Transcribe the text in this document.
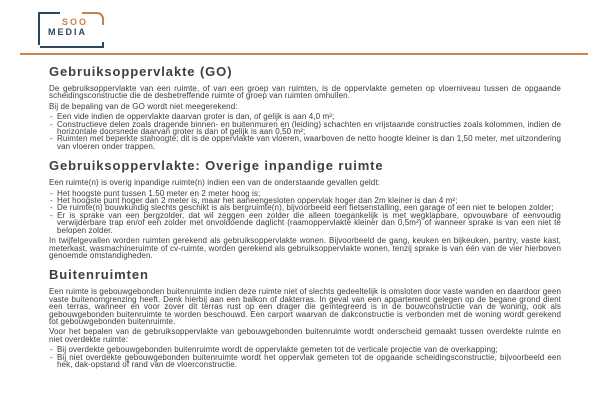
SOO
MEDIA
Gebruiksoppervlakte (GO)

De gebruiksoppervlakte van een ruimte, of van een groep van ruimten, is de oppervlakte gemeten op vloerniveau tussen de opgaande scheidingsconstructie die de desbetreffende ruimte of groep van ruimten omhullen.

Bij de bepaling van de GO wordt niet meegerekend:

- Een vide indien de oppervlakte daarvan groter is dan, of gelijk is aan 4,0 m²;
- Constructieve delen zoals dragende binnen- en buitenmuren en (leiding) schachten en vrijstaande constructies zoals kolommen, indien de horizontale doorsnede daarvan groter is dan of gelijk is aan 0,50 m²;
- Ruimten met beperkte stahoogte; dit is de oppervlakte van vloeren, waarboven de netto hoogte kleiner is dan 1,50 meter, met uitzondering van vloeren onder trappen.
Gebruiksoppervlakte: Overige inpandige ruimte

Een ruimte(n) is overig inpandige ruimte(n) indien een van de onderstaande gevallen geldt:

- Het hoogste punt tussen 1.50 meter en 2 meter hoog is;
- Het hoogste punt hoger dan 2 meter is, maar het aaneengesloten oppervlak hoger dan 2m kleiner is dan 4 m²;
- De ruimte(n) bouwkundig slechts geschikt is als bergruimte(n), bijvoorbeeld een fietsenstalling, een garage of een niet te belopen zolder;
- Er is sprake van een bergzolder, dat wil zeggen een zolder die alleen toegankelijk is met wegklapbare, opvouwbare of eenvoudig verwijderbare trap en/of een zolder met onvoldoende daglicht (raamoppervlakte kleiner dan 0,5m²) of wanneer sprake is van een niet te belopen zolder.

In twijfelgevallen worden ruimten gerekend als gebruiksoppervlakte wonen. Bijvoorbeeld de gang, keuken en bijkeuken, pantry, vaste kast, meterkast, wasmachineruimte of cv-ruimte, worden gerekend als gebruiksoppervlakte wonen, tenzij sprake is van één van de vier hierboven genoemde omstandigheden.

Buitenruimten

Een ruimte is gebouwgebonden buitenruimte indien deze ruimte niet of slechts gedeeltelijk is omsloten door vaste wanden en daardoor geen vaste buitenomgrenzing heeft. Denk hierbij aan een balkon of dakterras. In geval van een appartement gelegen op de begane grond dient een terras, wanneer en voor zover dit terras rust op een drager die geïntegreerd is in de bouwconstructie van de woning, ook als gebouwgebonden buitenruimte te worden beschouwd. Een carport waarvan de dakconstructie is verbonden met de woning wordt gerekend tot gebouwgebonden buitenruimte.

Voor het bepalen van de gebruiksoppervlakte van gebouwgebonden buitenruimte wordt onderscheid gemaakt tussen overdekte ruimte en niet overdekte ruimte:

- Bij overdekte gebouwgebonden buitenruimte wordt de oppervlakte gemeten tot de verticale projectie van de overkapping;
- Bij niet overdekte gebouwgebonden buitenruimte wordt het oppervlak gemeten tot de opgaande scheidingsconstructie, bijvoorbeeld een hek, dak-opstand of rand van de vloerconstructie.
